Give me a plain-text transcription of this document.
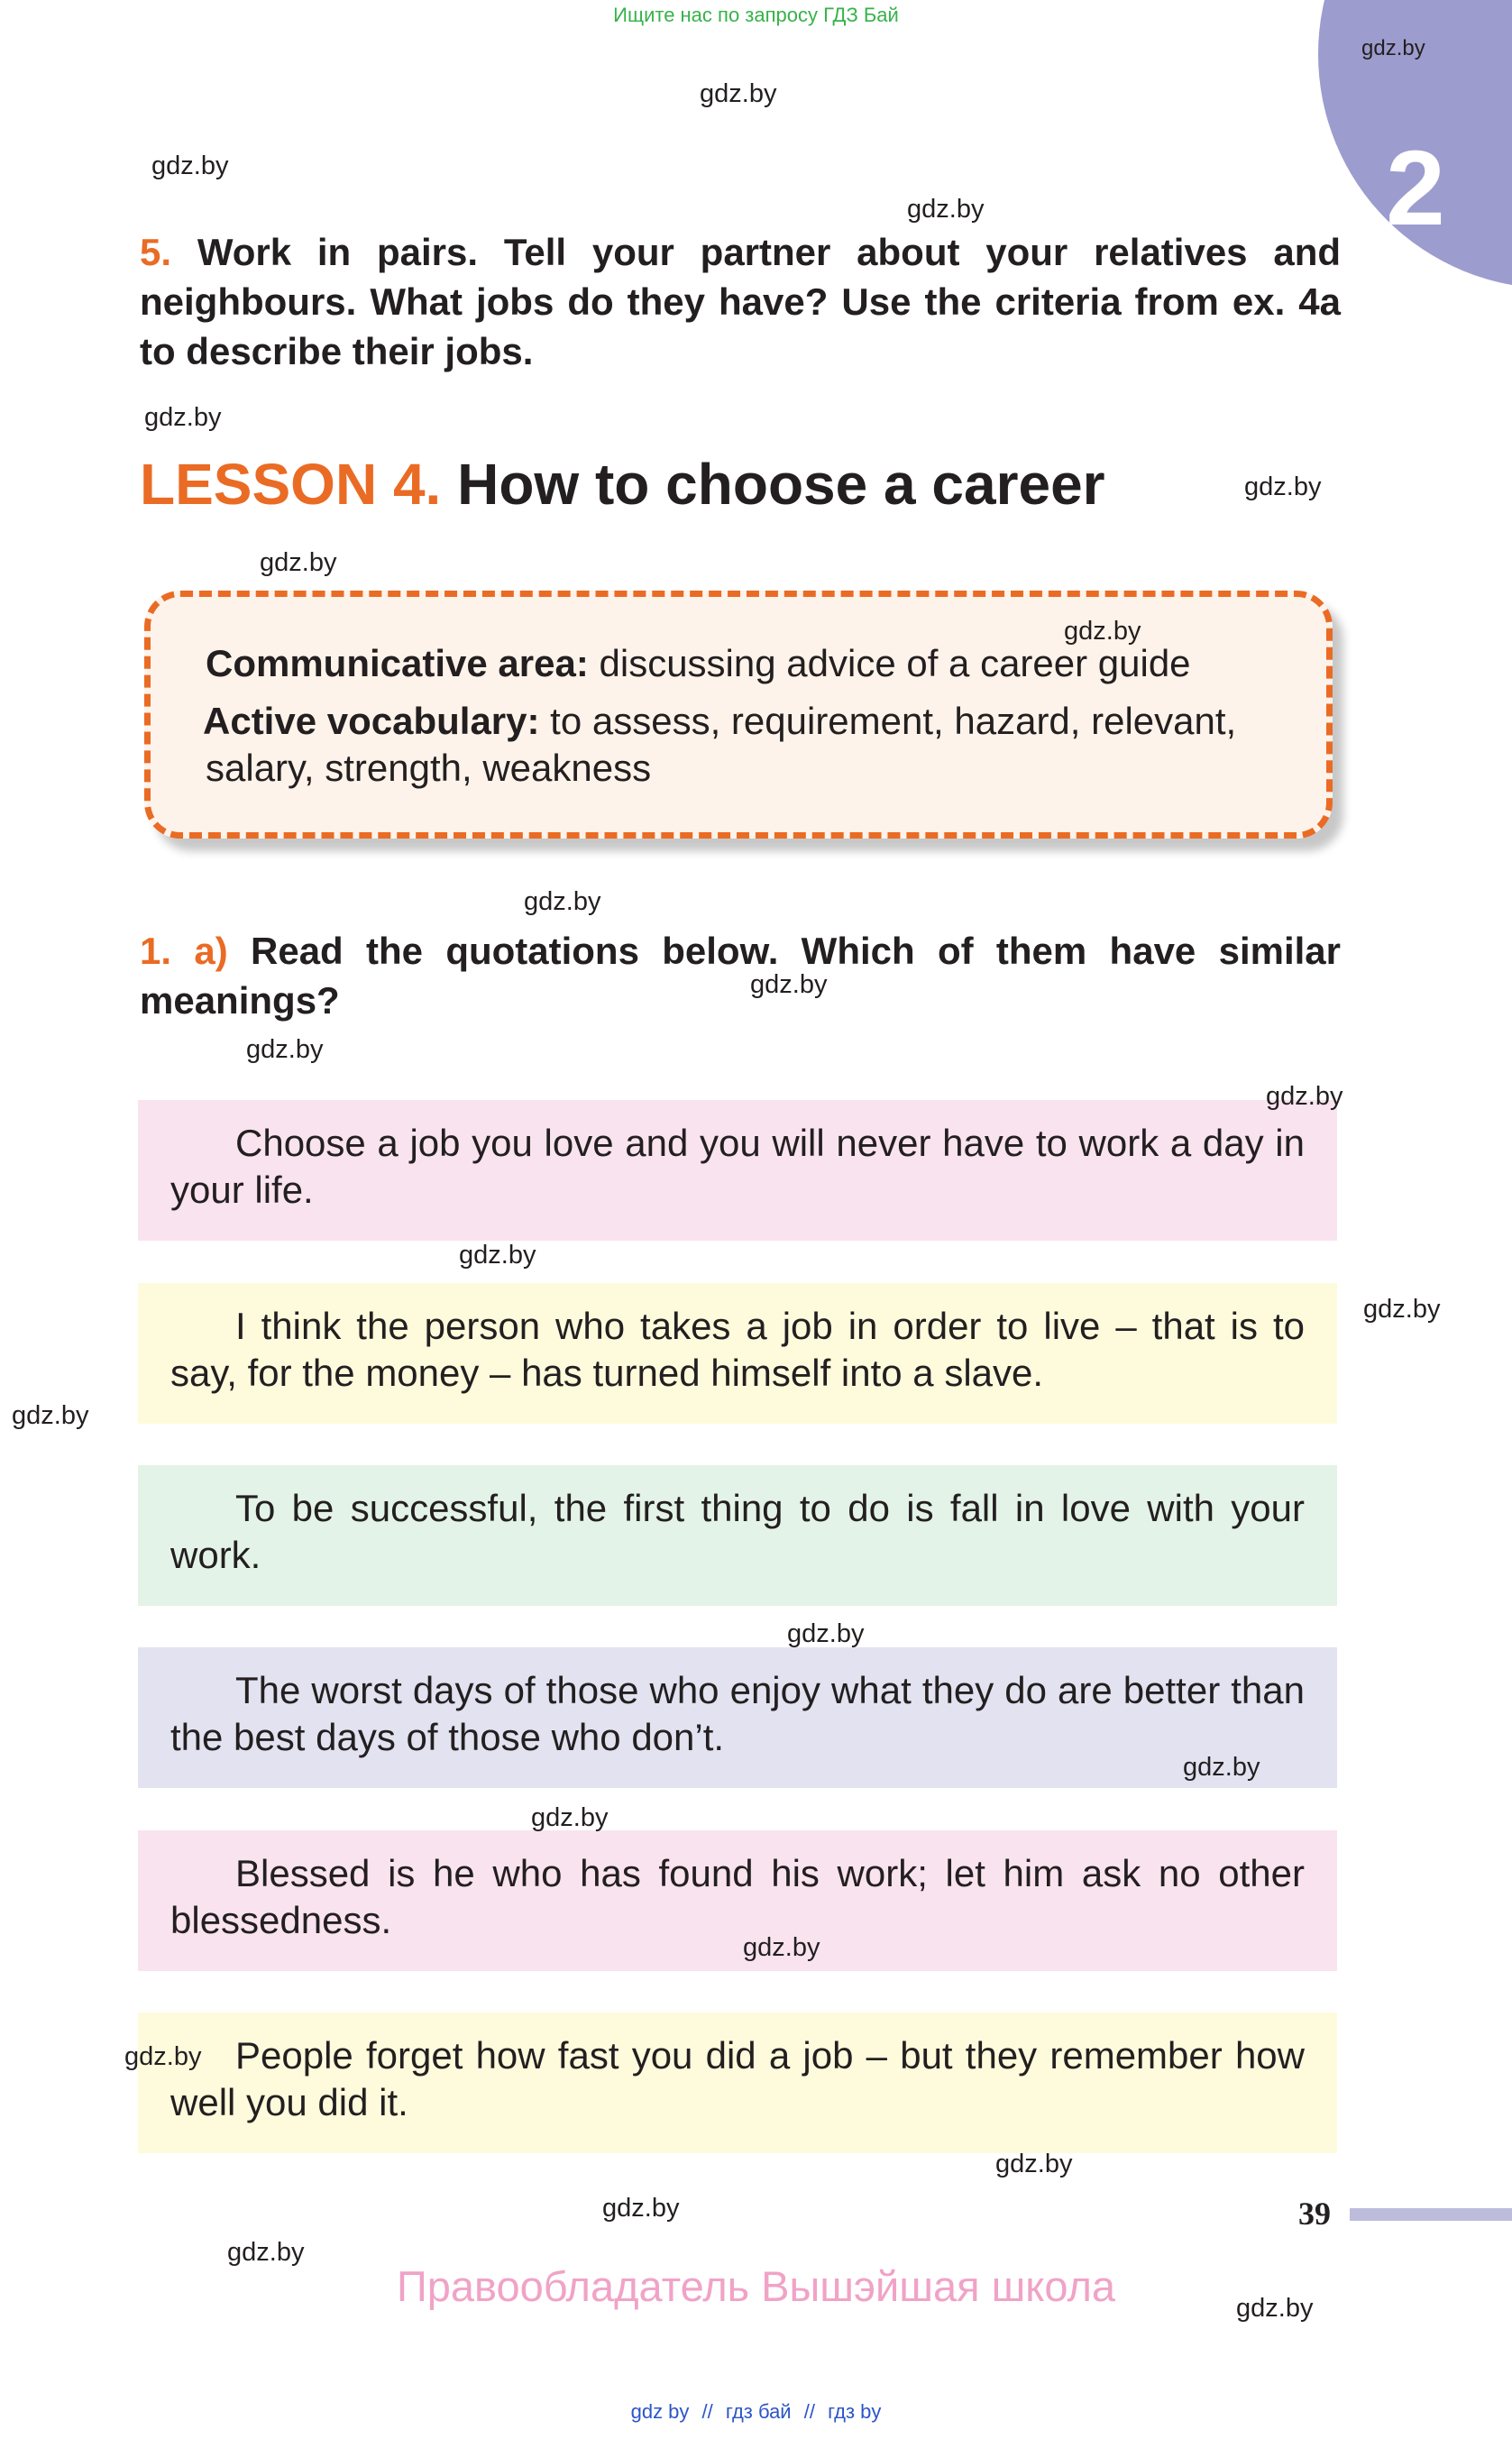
Ищите нас по запросу ГДЗ Бай
2

5. Work in pairs. Tell your partner about your relatives and neighbours. What jobs do they have? Use the criteria from ex. 4a to describe their jobs.

LESSON 4. How to choose a career
Communicative area: discussing advice of a career guide
Active vocabulary: to assess, requirement, hazard, relevant,
salary, strength, weakness

1. a) Read the quotations below. Which of them have similar meanings?

Choose a job you love and you will never have to work a day in your life.

I think the person who takes a job in order to live – that is to say, for the money – has turned himself into a slave.

To be successful, the first thing to do is fall in love with your work.

The worst days of those who enjoy what they do are better than the best days of those who don’t.

Blessed is he who has found his work; let him ask no other blessedness.

People forget how fast you did a job – but they remember how well you did it.

39
Правообладатель Вышэйшая школа
gdz by // гдз бай // гдз by
gdz.by
gdz.by
gdz.by
gdz.by
gdz.by
gdz.by
gdz.by
gdz.by
gdz.by
gdz.by
gdz.by
gdz.by
gdz.by
gdz.by
gdz.by
gdz.by
gdz.by
gdz.by
gdz.by
gdz.by
gdz.by
gdz.by
gdz.by
gdz.by
